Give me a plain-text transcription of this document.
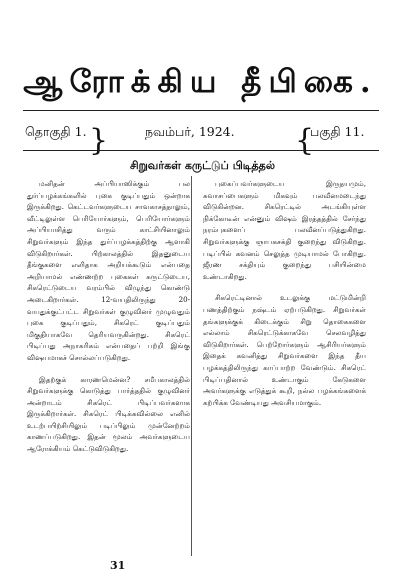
ஆரோக்கிய தீபிகை.
தொகுதி 1. }	நவம்பர், 1924. {
பகுதி 11.
சிறுவர்கள் கருட்டுப் பிடித்தல்

மனிதன் அப்பியாஸிக்கும் பல துர்ப்பழக்கங்களில் புகை குடிப்பதும் ஒன்றாக இருக்கிறது. கெட்டவர்களுடைய சாவகாசத்தாலும், வீட்டிலுள்ள பெரியோர்களும், பெரியோர்களும் அப்பியாசித்து வரும் காட்சியினாலும் சிறுவர்களும் இந்த துர்ப்பழக்கத்திற்கு ஆளாகி விடுகிறார்கள். பிற்காலத்தில் இதனுடைய தீங்குகளை எளிதாக அறியக்கூடும் என்பதை அறியாமல் எண்ணற்ற புகைகள் கருட்டுடைய, சிகரெட்டுடைய வரம்பில் விழுந்து கொண்டு அடைகிறார்கள். 12-வயதிலிருந்து 20-வயதுக்குட்பட்ட சிறுவர்கள் குழுவினர் முழுவதும் புகை குடிப்பதும், சிகரெட் குடிப்பதும் மிகுதியாகவே தெரியவருகின்றது. சிகரெட் பிடிப்பது அநாகரிகம் என்பதைப் பற்றி இங்கு விஷயமாகச் சொல்லப்படுகிறது.

இதற்குக் காரணமென்ன? சமீபகாலத்தில் சிறுவர்களுக்கு கொடுத்து பார்த்ததில் குழுவினர் அன்றாடம் சிகரெட் பிடிப்பவர்களாக இருக்கிறார்கள். சிகரெட் பிடிக்கவில்லை எனில் உடற்பயிற்சியிலும் படிப்பிலும் முன்னேற்றம் காணப்படுகிறது. இதன் மூலம் அவர்களுடைய ஆரோக்கியம் கெட்டுவிடுகிறது.

புகைப்பவர்களுடைய இருதயமும், சுவாசப்பைகளும் மிகவும் பலவீனமடைந்து விடுகின்றன. சிகரெட்டில் அடங்கியுள்ள நிக்கோடீன் என்னும் விஷம் இரத்தத்தில் சேர்ந்து நரம்புகளைப் பலவீனப்படுத்துகிறது. சிறுவர்களுக்கு ஞாபகசக்தி குறைந்து விடுகிறது. படிப்பில் கவனம் செலுத்த முடியாமல் போகிறது. ஜீரண சக்தியும் குறைந்து பசியின்மை உண்டாகிறது.

சிகரெட்டினால் உடலுக்கு மட்டுமின்றி பணத்திற்கும் நஷ்டம் ஏற்படுகிறது. சிறுவர்கள் தங்களுக்குக் கிடைக்கும் சிறு தொகைகளை எல்லாம் சிகரெட்டுக்காகவே செலவழித்து விடுகிறார்கள். பெற்றோர்களும் ஆசிரியர்களும் இதைக் கவனித்து சிறுவர்களை இந்த தீய பழக்கத்திலிருந்து காப்பாற்ற வேண்டும். சிகரெட் பிடிப்பதினால் உண்டாகும் கேடுகளை அவர்களுக்கு எடுத்துக் கூறி, நல்ல பழக்கங்களைக் கற்பிக்க வேண்டியது அவசியமாகும்.

31
